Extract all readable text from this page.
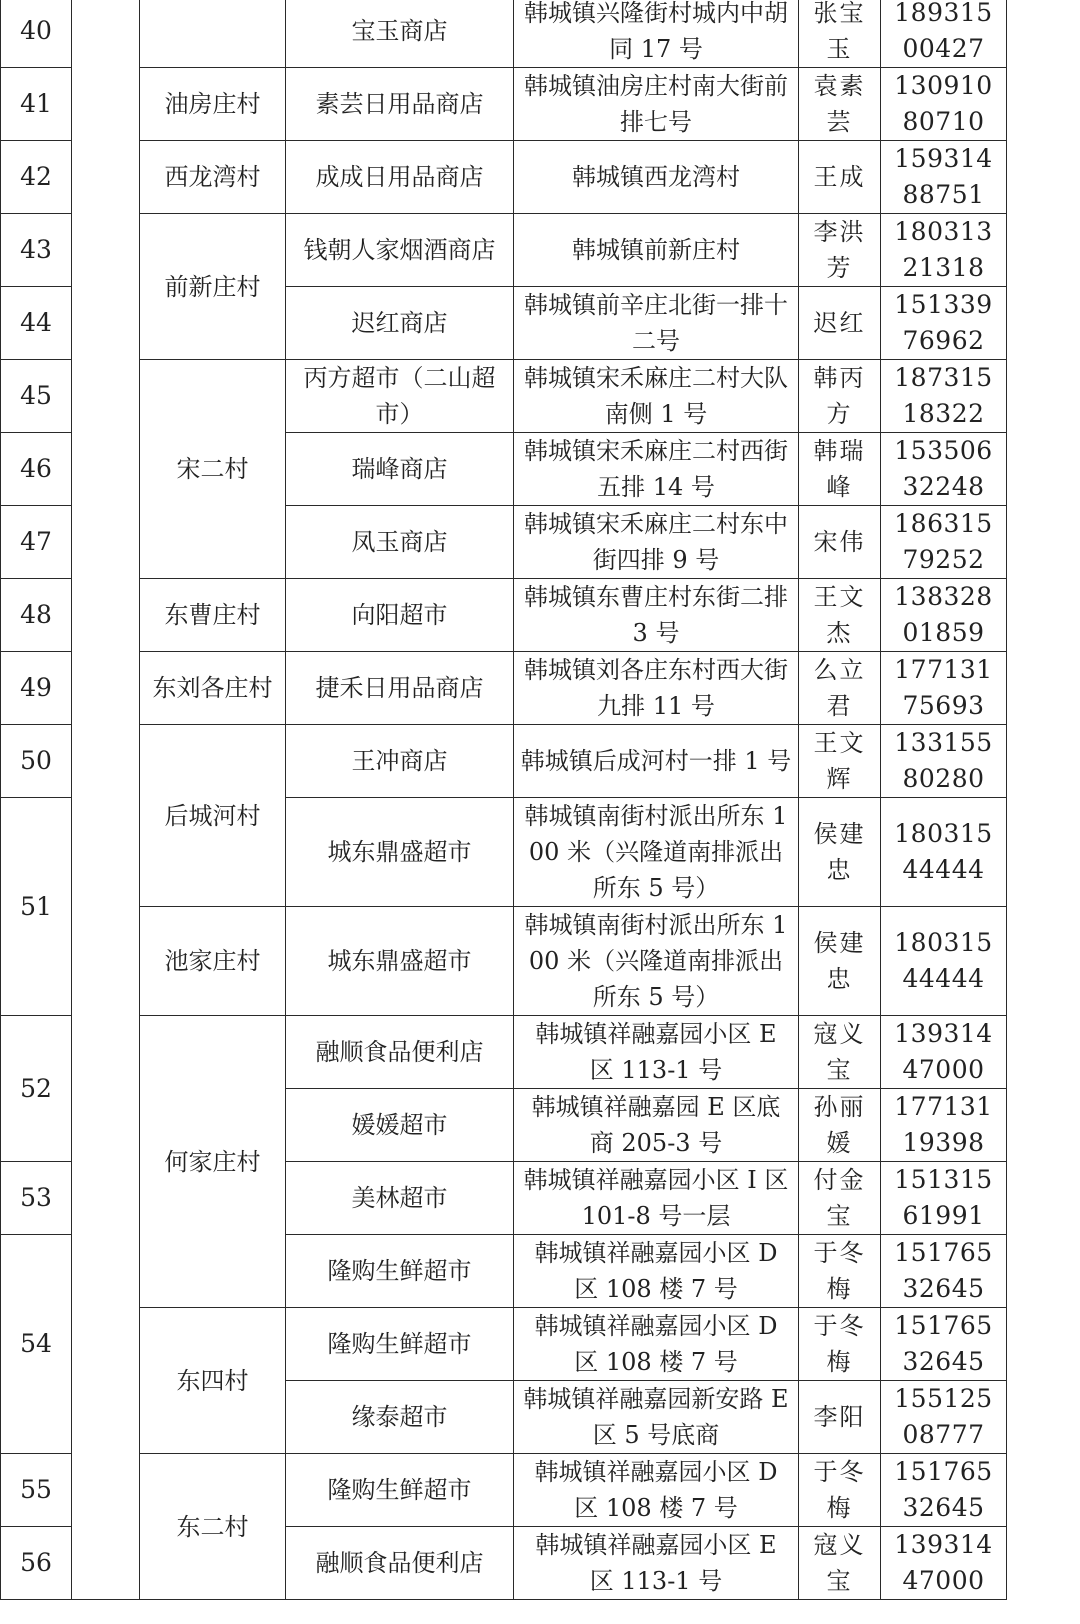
40			宝玉商店	韩城镇兴隆街村城内中胡同 17 号	张宝玉	18931500427
41		油房庄村	素芸日用品商店	韩城镇油房庄村南大街前排七号	袁素芸	13091080710
42		西龙湾村	成成日用品商店	韩城镇西龙湾村	王成	15931488751
43		前新庄村	钱朝人家烟酒商店	韩城镇前新庄村	李洪芳	18031321318
44			迟红商店	韩城镇前辛庄北街一排十二号	迟红	15133976962
45		宋二村	丙方超市（二山超市）	韩城镇宋禾麻庄二村大队南侧 1 号	韩丙方	18731518322
46			瑞峰商店	韩城镇宋禾麻庄二村西街五排 14 号	韩瑞峰	15350632248
47			凤玉商店	韩城镇宋禾麻庄二村东中街四排 9 号	宋伟	18631579252
48		东曹庄村	向阳超市	韩城镇东曹庄村东街二排 3 号	王文杰	13832801859
49		东刘各庄村	捷禾日用品商店	韩城镇刘各庄东村西大街九排 11 号	么立君	17713175693
50		后城河村	王冲商店	韩城镇后成河村一排 1 号	王文辉	13315580280
51			城东鼎盛超市	韩城镇南街村派出所东 100 米（兴隆道南排派出所东 5 号）	侯建忠	18031544444
		池家庄村	城东鼎盛超市	韩城镇南街村派出所东 100 米（兴隆道南排派出所东 5 号）	侯建忠	18031544444
52		何家庄村	融顺食品便利店	韩城镇祥融嘉园小区 E 区 113-1 号	寇义宝	13931447000
			媛媛超市	韩城镇祥融嘉园 E 区底商 205-3 号	孙丽媛	17713119398
53			美林超市	韩城镇祥融嘉园小区 I 区 101-8 号一层	付金宝	15131561991
54			隆购生鲜超市	韩城镇祥融嘉园小区 D 区 108 楼 7 号	于冬梅	15176532645
		东四村	隆购生鲜超市	韩城镇祥融嘉园小区 D 区 108 楼 7 号	于冬梅	15176532645
			缘泰超市	韩城镇祥融嘉园新安路 E 区 5 号底商	李阳	15512508777
55		东二村	隆购生鲜超市	韩城镇祥融嘉园小区 D 区 108 楼 7 号	于冬梅	15176532645
56			融顺食品便利店	韩城镇祥融嘉园小区 E 区 113-1 号	寇义宝	13931447000
